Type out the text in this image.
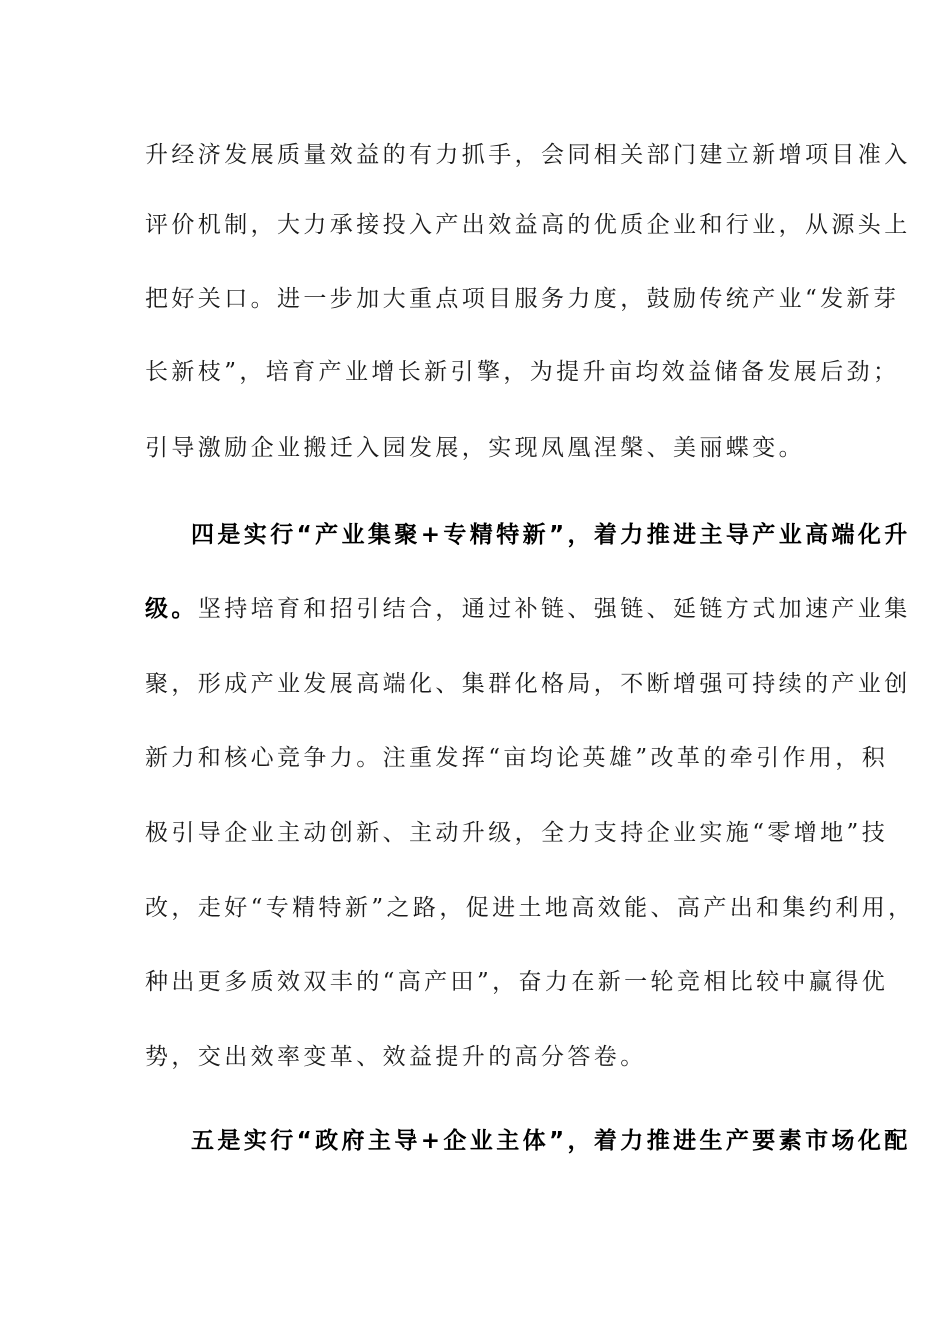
升经济发展质量效益的有力抓手，会同相关部门建立新增项目准入
评价机制，大力承接投入产出效益高的优质企业和行业，从源头上
把好关口。进一步加大重点项目服务力度，鼓励传统产业“发新芽
长新枝”，培育产业增长新引擎，为提升亩均效益储备发展后劲；
引导激励企业搬迁入园发展，实现凤凰涅槃、美丽蝶变。
四是实行“产业集聚+专精特新”，着力推进主导产业高端化升
级。坚持培育和招引结合，通过补链、强链、延链方式加速产业集
聚，形成产业发展高端化、集群化格局，不断增强可持续的产业创
新力和核心竞争力。注重发挥“亩均论英雄”改革的牵引作用，积
极引导企业主动创新、主动升级，全力支持企业实施“零增地”技
改，走好“专精特新”之路，促进土地高效能、高产出和集约利用，
种出更多质效双丰的“高产田”，奋力在新一轮竞相比较中赢得优
势，交出效率变革、效益提升的高分答卷。
五是实行“政府主导+企业主体”，着力推进生产要素市场化配
